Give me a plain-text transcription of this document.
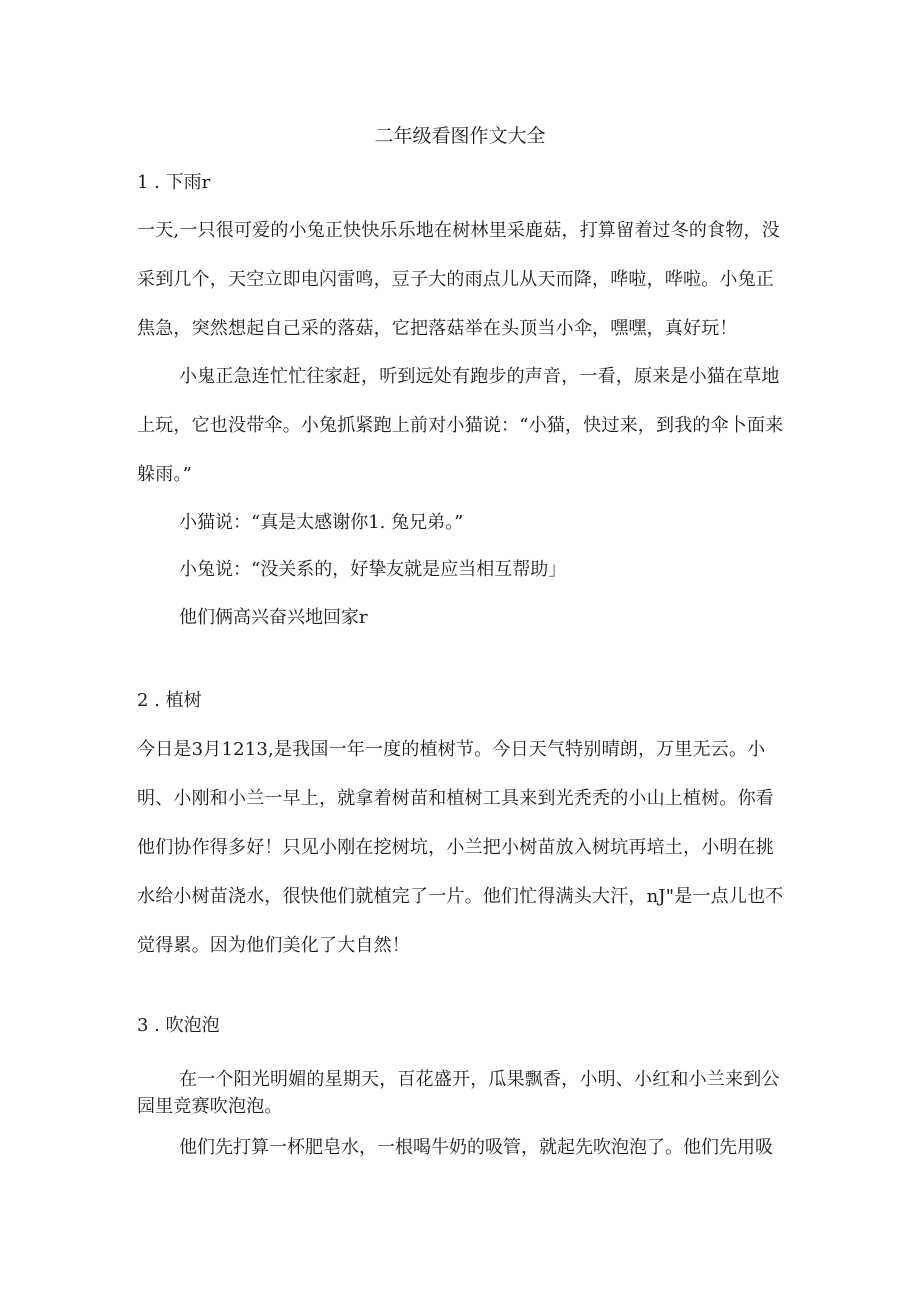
二年级看图作文大全
1 . 下雨r

一天,一只很可爱的小兔正快快乐乐地在树林里采鹿菇，打算留着过冬的食物，没采到几个，天空立即电闪雷鸣，豆子大的雨点儿从天而降，哗啦，哗啦。小兔正焦急，突然想起自己采的落菇，它把落菇举在头顶当小伞，嘿嘿，真好玩！

小鬼正急连忙忙往家赶，听到远处有跑步的声音，一看，原来是小猫在草地上玩，它也没带伞。小兔抓紧跑上前对小猫说：“小猫，快过来，到我的伞卜面来躲雨。”

小猫说：“真是太感谢你1. 兔兄弟。”

小兔说：“没关系的，好挚友就是应当相互帮助」

他们俩高兴奋兴地回家r

2 . 植树

今日是3月1213,是我国一年一度的植树节。今日天气特别晴朗，万里无云。小明、小刚和小兰一早上，就拿着树苗和植树工具来到光秃秃的小山上植树。你看他们协作得多好！只见小刚在挖树坑，小兰把小树苗放入树坑再培土，小明在挑水给小树苗浇水，很快他们就植完了一片。他们忙得满头大汗，nJ"是一点儿也不觉得累。因为他们美化了大自然！

3 . 吹泡泡

在一个阳光明媚的星期天，百花盛开，瓜果飘香，小明、小红和小兰来到公园里竞赛吹泡泡。

他们先打算一杯肥皂水，一根喝牛奶的吸管，就起先吹泡泡了。他们先用吸
